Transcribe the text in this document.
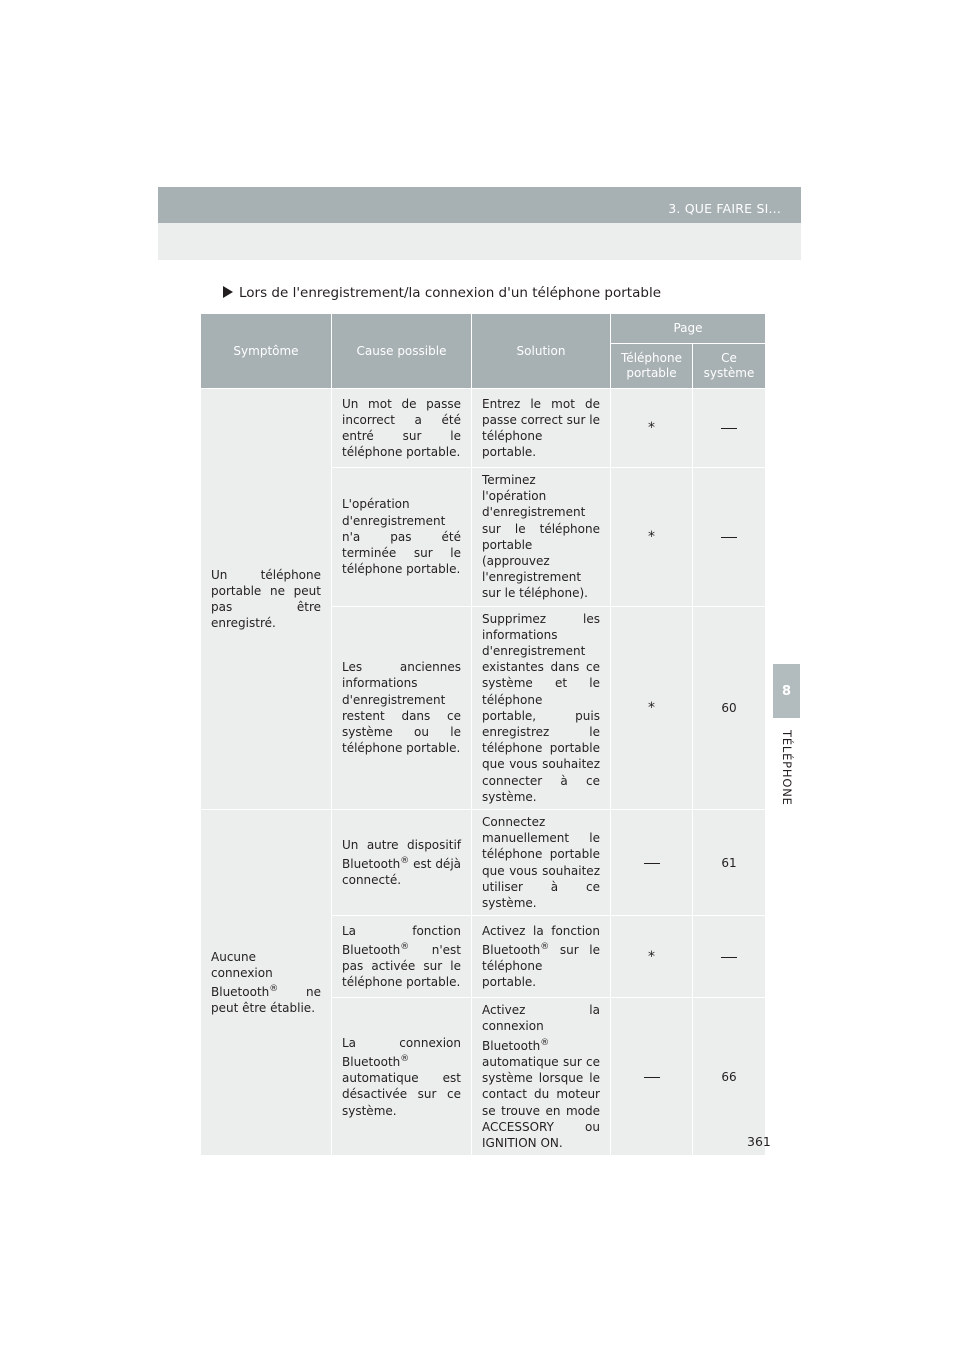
3. QUE FAIRE SI...
Lors de l'enregistrement/la connexion d'un téléphone portable
Symptôme	Cause possible	Solution	Page	
			Téléphone portable	Ce système
Un téléphone portable ne peut pas être enregistré.	Un mot de passe incorrect a été entré sur le téléphone portable.	Entrez le mot de passe correct sur le téléphone portable.	*	
	L'opération d'enregistrement n'a pas été terminée sur le téléphone portable.	Terminez l'opération d'enregistrement sur le téléphone portable (approuvez l'enregistrement sur le téléphone).	*	
	Les anciennes informations d'enregistrement restent dans ce système ou le téléphone portable.	Supprimez les informations d'enregistrement existantes dans ce système et le téléphone portable, puis enregistrez le téléphone portable que vous souhaitez connecter à ce système.	*	60
Aucune connexion Bluetooth® ne peut être établie.	Un autre dispositif Bluetooth® est déjà connecté.	Connectez manuellement le téléphone portable que vous souhaitez utiliser à ce système.		61
	La fonction Bluetooth® n'est pas activée sur le téléphone portable.	Activez la fonction Bluetooth® sur le téléphone portable.	*	
	La connexion Bluetooth® automatique est désactivée sur ce système.	Activez la connexion Bluetooth® automatique sur ce système lorsque le contact du moteur se trouve en mode ACCESSORY ou IGNITION ON.		66
8
TÉLÉPHONE
361
